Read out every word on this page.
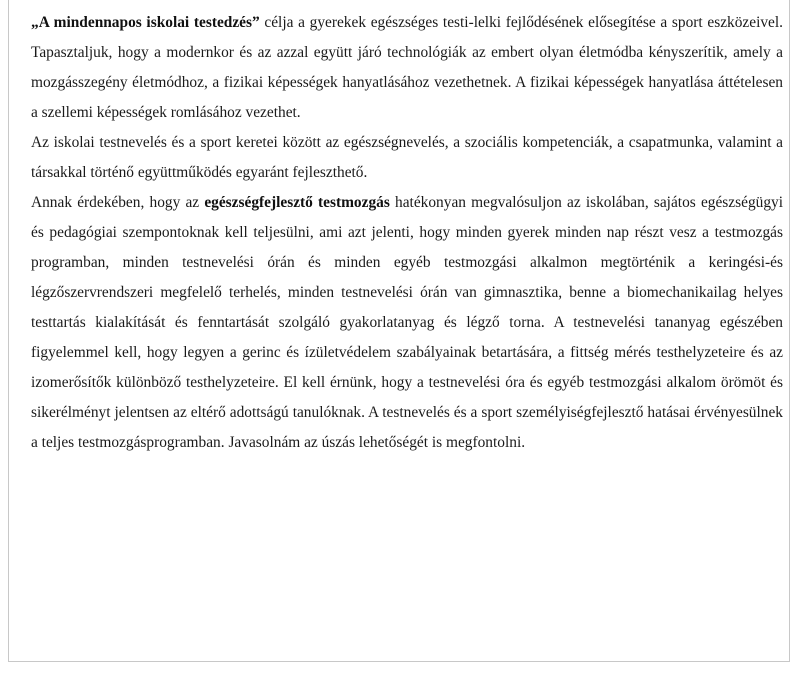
„A mindennapos iskolai testedzés” célja a gyerekek egészséges testi-lelki fejlődésének elősegítése a sport eszközeivel. Tapasztaljuk, hogy a modernkor és az azzal együtt járó technológiák az embert olyan életmódba kényszerítik, amely a mozgásszegény életmódhoz, a fizikai képességek hanyatlásához vezethetnek. A fizikai képességek hanyatlása áttételesen a szellemi képességek romlásához vezethet.

Az iskolai testnevelés és a sport keretei között az egészségnevelés, a szociális kompetenciák, a csapatmunka, valamint a társakkal történő együttműködés egyaránt fejleszthető.

Annak érdekében, hogy az egészségfejlesztő testmozgás hatékonyan megvalósuljon az iskolában, sajátos egészségügyi és pedagógiai szempontoknak kell teljesülni, ami azt jelenti, hogy minden gyerek minden nap részt vesz a testmozgás programban, minden testnevelési órán és minden egyéb testmozgási alkalmon megtörténik a keringési-és légzőszervrendszeri megfelelő terhelés, minden testnevelési órán van gimnasztika, benne a biomechanikailag helyes testtartás kialakítását és fenntartását szolgáló gyakorlatanyag és légző torna. A testnevelési tananyag egészében figyelemmel kell, hogy legyen a gerinc és ízületvédelem szabályainak betartására, a fittség mérés testhelyzeteire és az izomerősítők különböző testhelyzeteire. El kell érnünk, hogy a testnevelési óra és egyéb testmozgási alkalom örömöt és sikerélményt jelentsen az eltérő adottságú tanulóknak. A testnevelés és a sport személyiségfejlesztő hatásai érvényesülnek a teljes testmozgásprogramban. Javasolnám az úszás lehetőségét is megfontolni.
